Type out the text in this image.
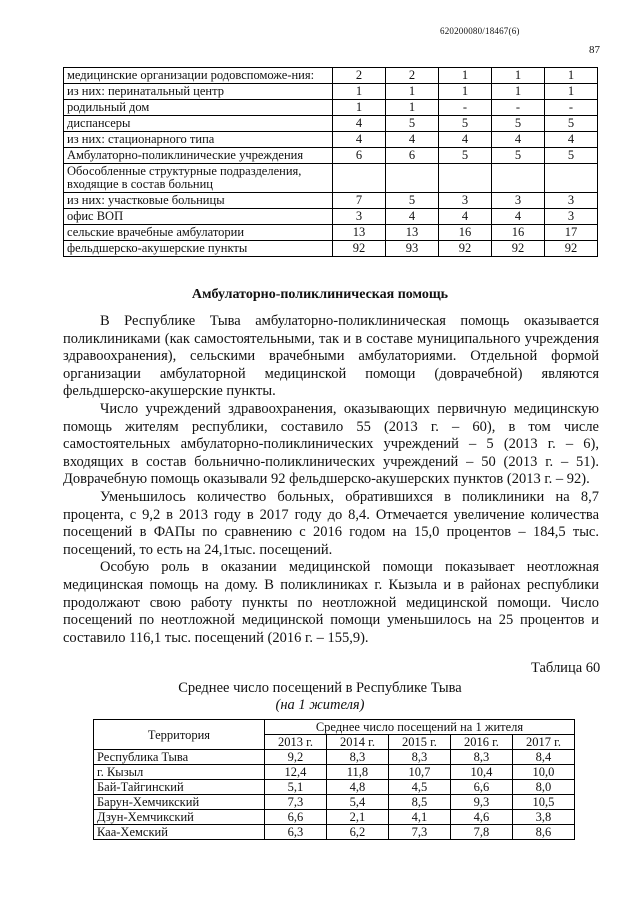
620200080/18467(6)
87
медицинские организации родовспоможе-ния:	2	2	1	1	1
из них: перинатальный центр	1	1	1	1	1
родильный дом	1	1	-	-	-
диспансеры	4	5	5	5	5
из них: стационарного типа	4	4	4	4	4
Амбулаторно-поликлинические учреждения	6	6	5	5	5
Обособленные структурные подразделения, входящие в состав больниц					
из них: участковые больницы	7	5	3	3	3
офис ВОП	3	4	4	4	3
сельские врачебные амбулатории	13	13	16	16	17
фельдшерско-акушерские пункты	92	93	92	92	92
Амбулаторно-поликлиническая помощь

В Республике Тыва амбулаторно-поликлиническая помощь оказывается поликлиниками (как самостоятельными, так и в составе муниципального учреждения здравоохранения), сельскими врачебными амбулаториями. Отдельной формой организации амбулаторной медицинской помощи (доврачебной) являются фельдшерско-акушерские пункты.

Число учреждений здравоохранения, оказывающих первичную медицинскую помощь жителям республики, составило 55 (2013 г. – 60), в том числе самостоятельных амбулаторно-поликлинических учреждений – 5 (2013 г. – 6), входящих в состав больнично-поликлинических учреждений – 50 (2013 г. – 51). Доврачебную помощь оказывали 92 фельдшерско-акушерских пунктов (2013 г. – 92).

Уменьшилось количество больных, обратившихся в поликлиники на 8,7 процента, с 9,2 в 2013 году в 2017 году до 8,4. Отмечается увеличение количества посещений в ФАПы по сравнению с 2016 годом на 15,0 процентов – 184,5 тыс. посещений, то есть на 24,1тыс. посещений.

Особую роль в оказании медицинской помощи показывает неотложная медицинская помощь на дому. В поликлиниках г. Кызыла и в районах республики продолжают свою работу пункты по неотложной медицинской помощи. Число посещений по неотложной медицинской помощи уменьшилось на 25 процентов и составило 116,1 тыс. посещений (2016 г. – 155,9).

Таблица 60
Среднее число посещений в Республике Тыва
(на 1 жителя)
Территория	Среднее число посещений на 1 жителя				
	2013 г.	2014 г.	2015 г.	2016 г.	2017 г.
Республика Тыва	9,2	8,3	8,3	8,3	8,4
г. Кызыл	12,4	11,8	10,7	10,4	10,0
Бай-Тайгинский	5,1	4,8	4,5	6,6	8,0
Барун-Хемчикский	7,3	5,4	8,5	9,3	10,5
Дзун-Хемчикский	6,6	2,1	4,1	4,6	3,8
Каа-Хемский	6,3	6,2	7,3	7,8	8,6
